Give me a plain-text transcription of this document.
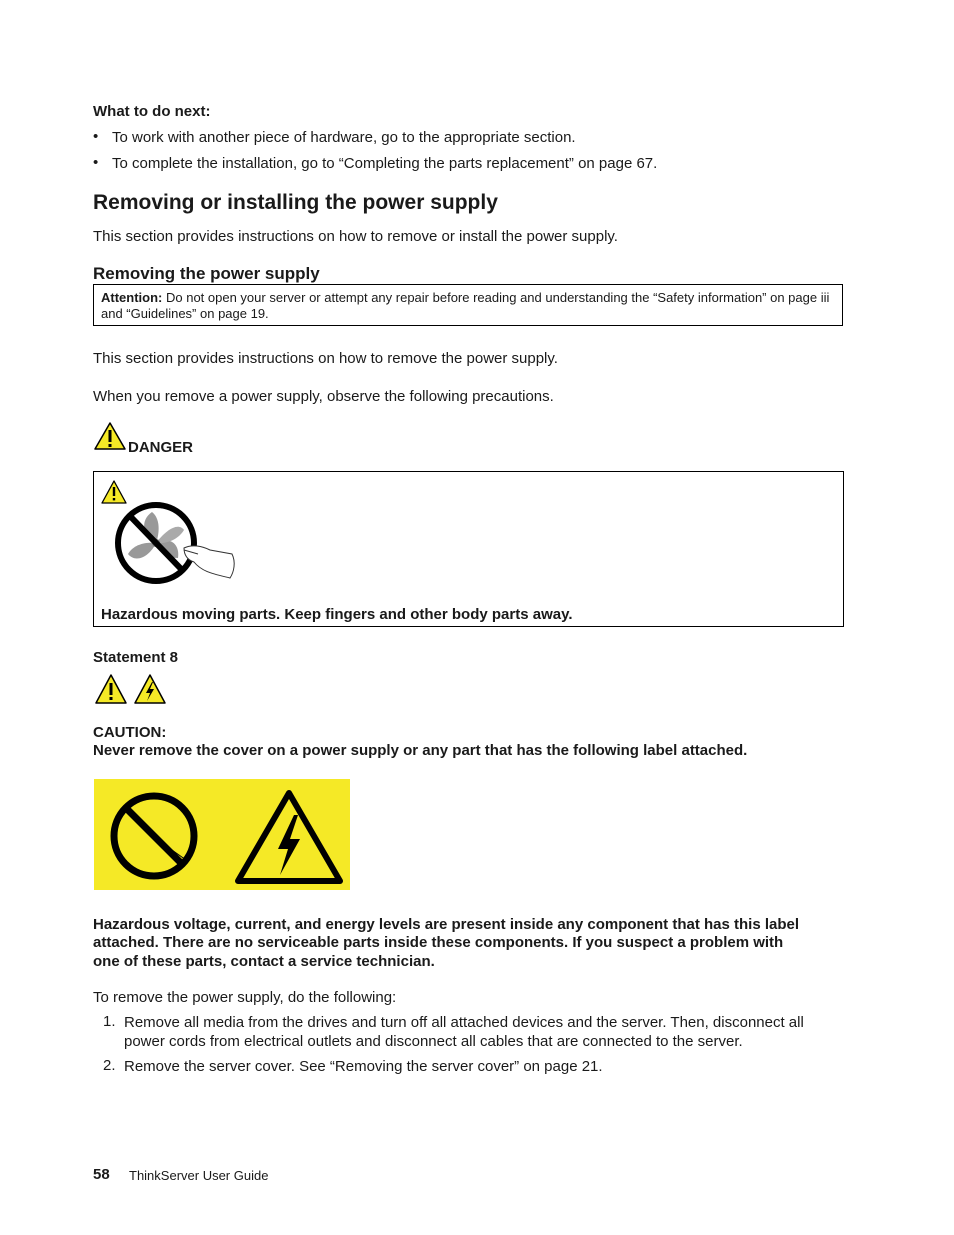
What to do next:
• To work with another piece of hardware, go to the appropriate section.
• To complete the installation, go to “Completing the parts replacement” on page 67.
Removing or installing the power supply
This section provides instructions on how to remove or install the power supply.
Removing the power supply
Attention: Do not open your server or attempt any repair before reading and understanding the “Safety information” on page iii and “Guidelines” on page 19.
This section provides instructions on how to remove the power supply.
When you remove a power supply, observe the following precautions.
DANGER
Hazardous moving parts. Keep fingers and other body parts away.
Statement 8
CAUTION:
Never remove the cover on a power supply or any part that has the following label attached.
Hazardous voltage, current, and energy levels are present inside any component that has this label
attached. There are no serviceable parts inside these components. If you suspect a problem with
one of these parts, contact a service technician.
To remove the power supply, do the following:
1. Remove all media from the drives and turn off all attached devices and the server. Then, disconnect all
power cords from electrical outlets and disconnect all cables that are connected to the server.
2. Remove the server cover. See “Removing the server cover” on page 21.
58 ThinkServer User Guide
